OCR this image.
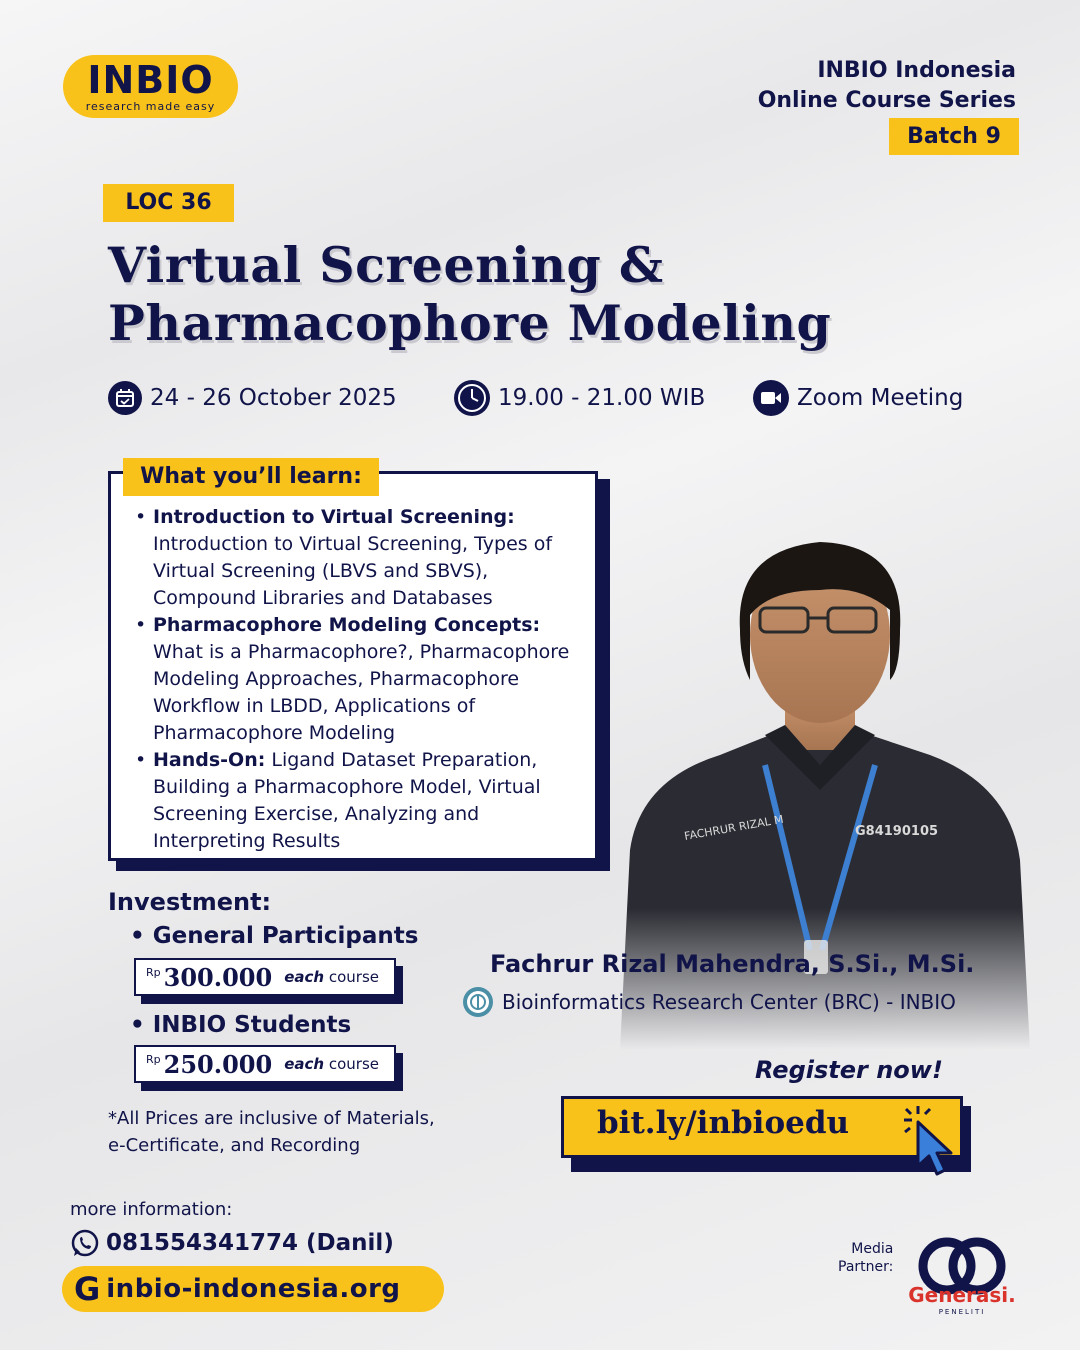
INBIO
research made easy
INBIO Indonesia
Online Course Series
Batch 9
LOC 36
Virtual Screening &
Pharmacophore Modeling
24 - 26 October 2025	19.00 - 21.00 WIB	Zoom Meeting
FACHRUR RIZAL M	G84190105
• Introduction to Virtual Screening: Introduction to Virtual Screening, Types of Virtual Screening (LBVS and SBVS), Compound Libraries and Databases
• Pharmacophore Modeling Concepts: What is a Pharmacophore?, Pharmacophore Modeling Approaches, Pharmacophore Workflow in LBDD, Applications of Pharmacophore Modeling
• Hands-On: Ligand Dataset Preparation, Building a Pharmacophore Model, Virtual Screening Exercise, Analyzing and Interpreting Results
What you’ll learn:
Investment:
• General Participants
Rp 300.000 each course
• INBIO Students
Rp 250.000 each course
*All Prices are inclusive of Materials,
e-Certificate, and Recording
Fachrur Rizal Mahendra, S.Si., M.Si.
Bioinformatics Research Center (BRC) - INBIO
Register now!
bit.ly/inbioedu
more information:
081554341774 (Danil)
G inbio-indonesia.org
Media
Partner:
Generasi.
PENELITI
